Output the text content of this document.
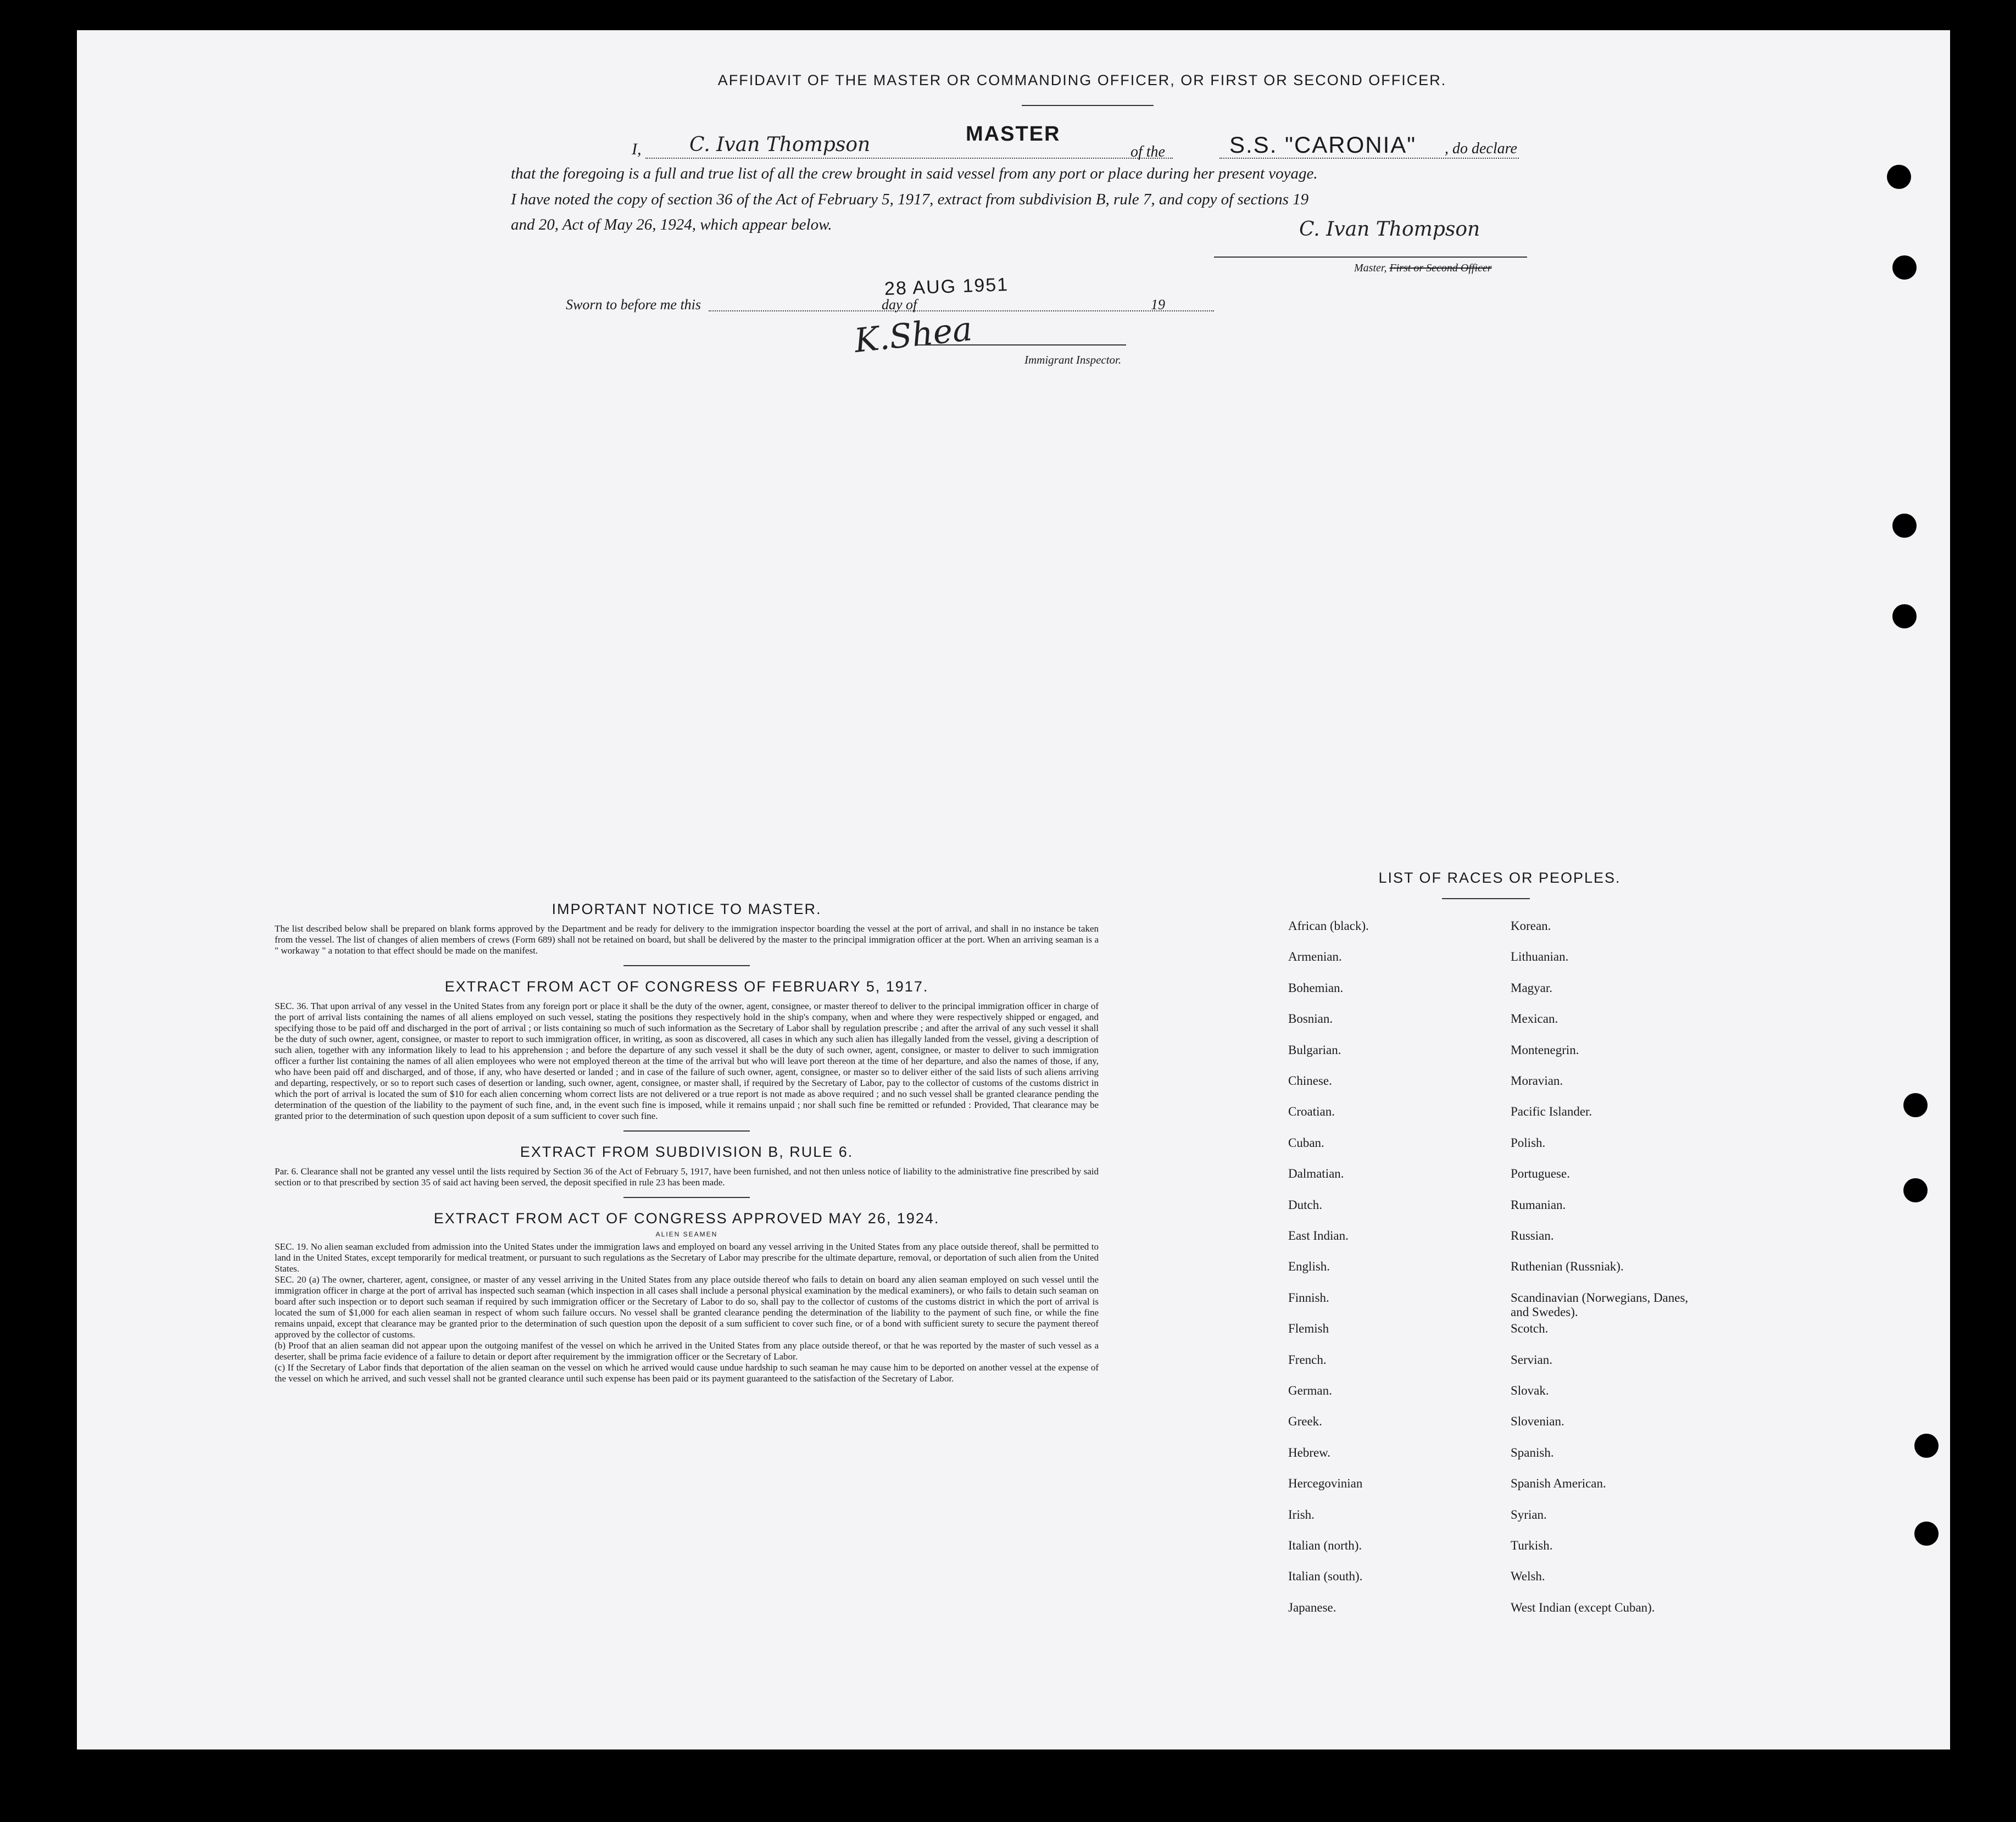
AFFIDAVIT OF THE MASTER OR COMMANDING OFFICER, OR FIRST OR SECOND OFFICER.
I, C. Ivan Thompson	MASTER
of the	S.S. "CARONIA" , do declare
that the foregoing is a full and true list of all the crew brought in said vessel from any port or place during her present voyage.
I have noted the copy of section 36 of the Act of February 5, 1917, extract from subdivision B, rule 7, and copy of sections 19
and 20, Act of May 26, 1924, which appear below.	C. Ivan Thompson
Master, First or Second Officer
Sworn to before me this
28 AUG 1951
day of	19
K.Shea	Immigrant Inspector.
IMPORTANT NOTICE TO MASTER.
The list described below shall be prepared on blank forms approved by the Department and be ready for delivery to the immigration inspector boarding the vessel at the port of arrival, and shall in no instance be taken from the vessel. The list of changes of alien members of crews (Form 689) shall not be retained on board, but shall be delivered by the master to the principal immigration officer at the port. When an arriving seaman is a " workaway " a notation to that effect should be made on the manifest.
EXTRACT FROM ACT OF CONGRESS OF FEBRUARY 5, 1917.
SEC. 36. That upon arrival of any vessel in the United States from any foreign port or place it shall be the duty of the owner, agent, consignee, or master thereof to deliver to the principal immigration officer in charge of the port of arrival lists containing the names of all aliens employed on such vessel, stating the positions they respectively hold in the ship's company, when and where they were respectively shipped or engaged, and specifying those to be paid off and discharged in the port of arrival ; or lists containing so much of such information as the Secretary of Labor shall by regulation prescribe ; and after the arrival of any such vessel it shall be the duty of such owner, agent, consignee, or master to report to such immigration officer, in writing, as soon as discovered, all cases in which any such alien has illegally landed from the vessel, giving a description of such alien, together with any information likely to lead to his apprehension ; and before the departure of any such vessel it shall be the duty of such owner, agent, consignee, or master to deliver to such immigration officer a further list containing the names of all alien employees who were not employed thereon at the time of the arrival but who will leave port thereon at the time of her departure, and also the names of those, if any, who have been paid off and discharged, and of those, if any, who have deserted or landed ; and in case of the failure of such owner, agent, consignee, or master so to deliver either of the said lists of such aliens arriving and departing, respectively, or so to report such cases of desertion or landing, such owner, agent, consignee, or master shall, if required by the Secretary of Labor, pay to the collector of customs of the customs district in which the port of arrival is located the sum of $10 for each alien concerning whom correct lists are not delivered or a true report is not made as above required ; and no such vessel shall be granted clearance pending the determination of the question of the liability to the payment of such fine, and, in the event such fine is imposed, while it remains unpaid ; nor shall such fine be remitted or refunded : Provided, That clearance may be granted prior to the determination of such question upon deposit of a sum sufficient to cover such fine.
EXTRACT FROM SUBDIVISION B, RULE 6.
Par. 6. Clearance shall not be granted any vessel until the lists required by Section 36 of the Act of February 5, 1917, have been furnished, and not then unless notice of liability to the administrative fine prescribed by said section or to that prescribed by section 35 of said act having been served, the deposit specified in rule 23 has been made.
EXTRACT FROM ACT OF CONGRESS APPROVED MAY 26, 1924.
ALIEN SEAMEN
SEC. 19. No alien seaman excluded from admission into the United States under the immigration laws and employed on board any vessel arriving in the United States from any place outside thereof, shall be permitted to land in the United States, except temporarily for medical treatment, or pursuant to such regulations as the Secretary of Labor may prescribe for the ultimate departure, removal, or deportation of such alien from the United States.
SEC. 20 (a) The owner, charterer, agent, consignee, or master of any vessel arriving in the United States from any place outside thereof who fails to detain on board any alien seaman employed on such vessel until the immigration officer in charge at the port of arrival has inspected such seaman (which inspection in all cases shall include a personal physical examination by the medical examiners), or who fails to detain such seaman on board after such inspection or to deport such seaman if required by such immigration officer or the Secretary of Labor to do so, shall pay to the collector of customs of the customs district in which the port of arrival is located the sum of $1,000 for each alien seaman in respect of whom such failure occurs. No vessel shall be granted clearance pending the determination of the liability to the payment of such fine, or while the fine remains unpaid, except that clearance may be granted prior to the determination of such question upon the deposit of a sum sufficient to cover such fine, or of a bond with sufficient surety to secure the payment thereof approved by the collector of customs.
(b) Proof that an alien seaman did not appear upon the outgoing manifest of the vessel on which he arrived in the United States from any place outside thereof, or that he was reported by the master of such vessel as a deserter, shall be prima facie evidence of a failure to detain or deport after requirement by the immigration officer or the Secretary of Labor.
(c) If the Secretary of Labor finds that deportation of the alien seaman on the vessel on which he arrived would cause undue hardship to such seaman he may cause him to be deported on another vessel at the expense of the vessel on which he arrived, and such vessel shall not be granted clearance until such expense has been paid or its payment guaranteed to the satisfaction of the Secretary of Labor.
LIST OF RACES OR PEOPLES.
African (black).
Armenian.
Bohemian.
Bosnian.
Bulgarian.
Chinese.
Croatian.
Cuban.
Dalmatian.
Dutch.
East Indian.
English.
Finnish.
Flemish
French.
German.
Greek.
Hebrew.
Hercegovinian
Irish.
Italian (north).
Italian (south).
Japanese.
Korean.
Lithuanian.
Magyar.
Mexican.
Montenegrin.
Moravian.
Pacific Islander.
Polish.
Portuguese.
Rumanian.
Russian.
Ruthenian (Russniak).
Scandinavian (Norwegians, Danes, and Swedes).
Scotch.
Servian.
Slovak.
Slovenian.
Spanish.
Spanish American.
Syrian.
Turkish.
Welsh.
West Indian (except Cuban).
